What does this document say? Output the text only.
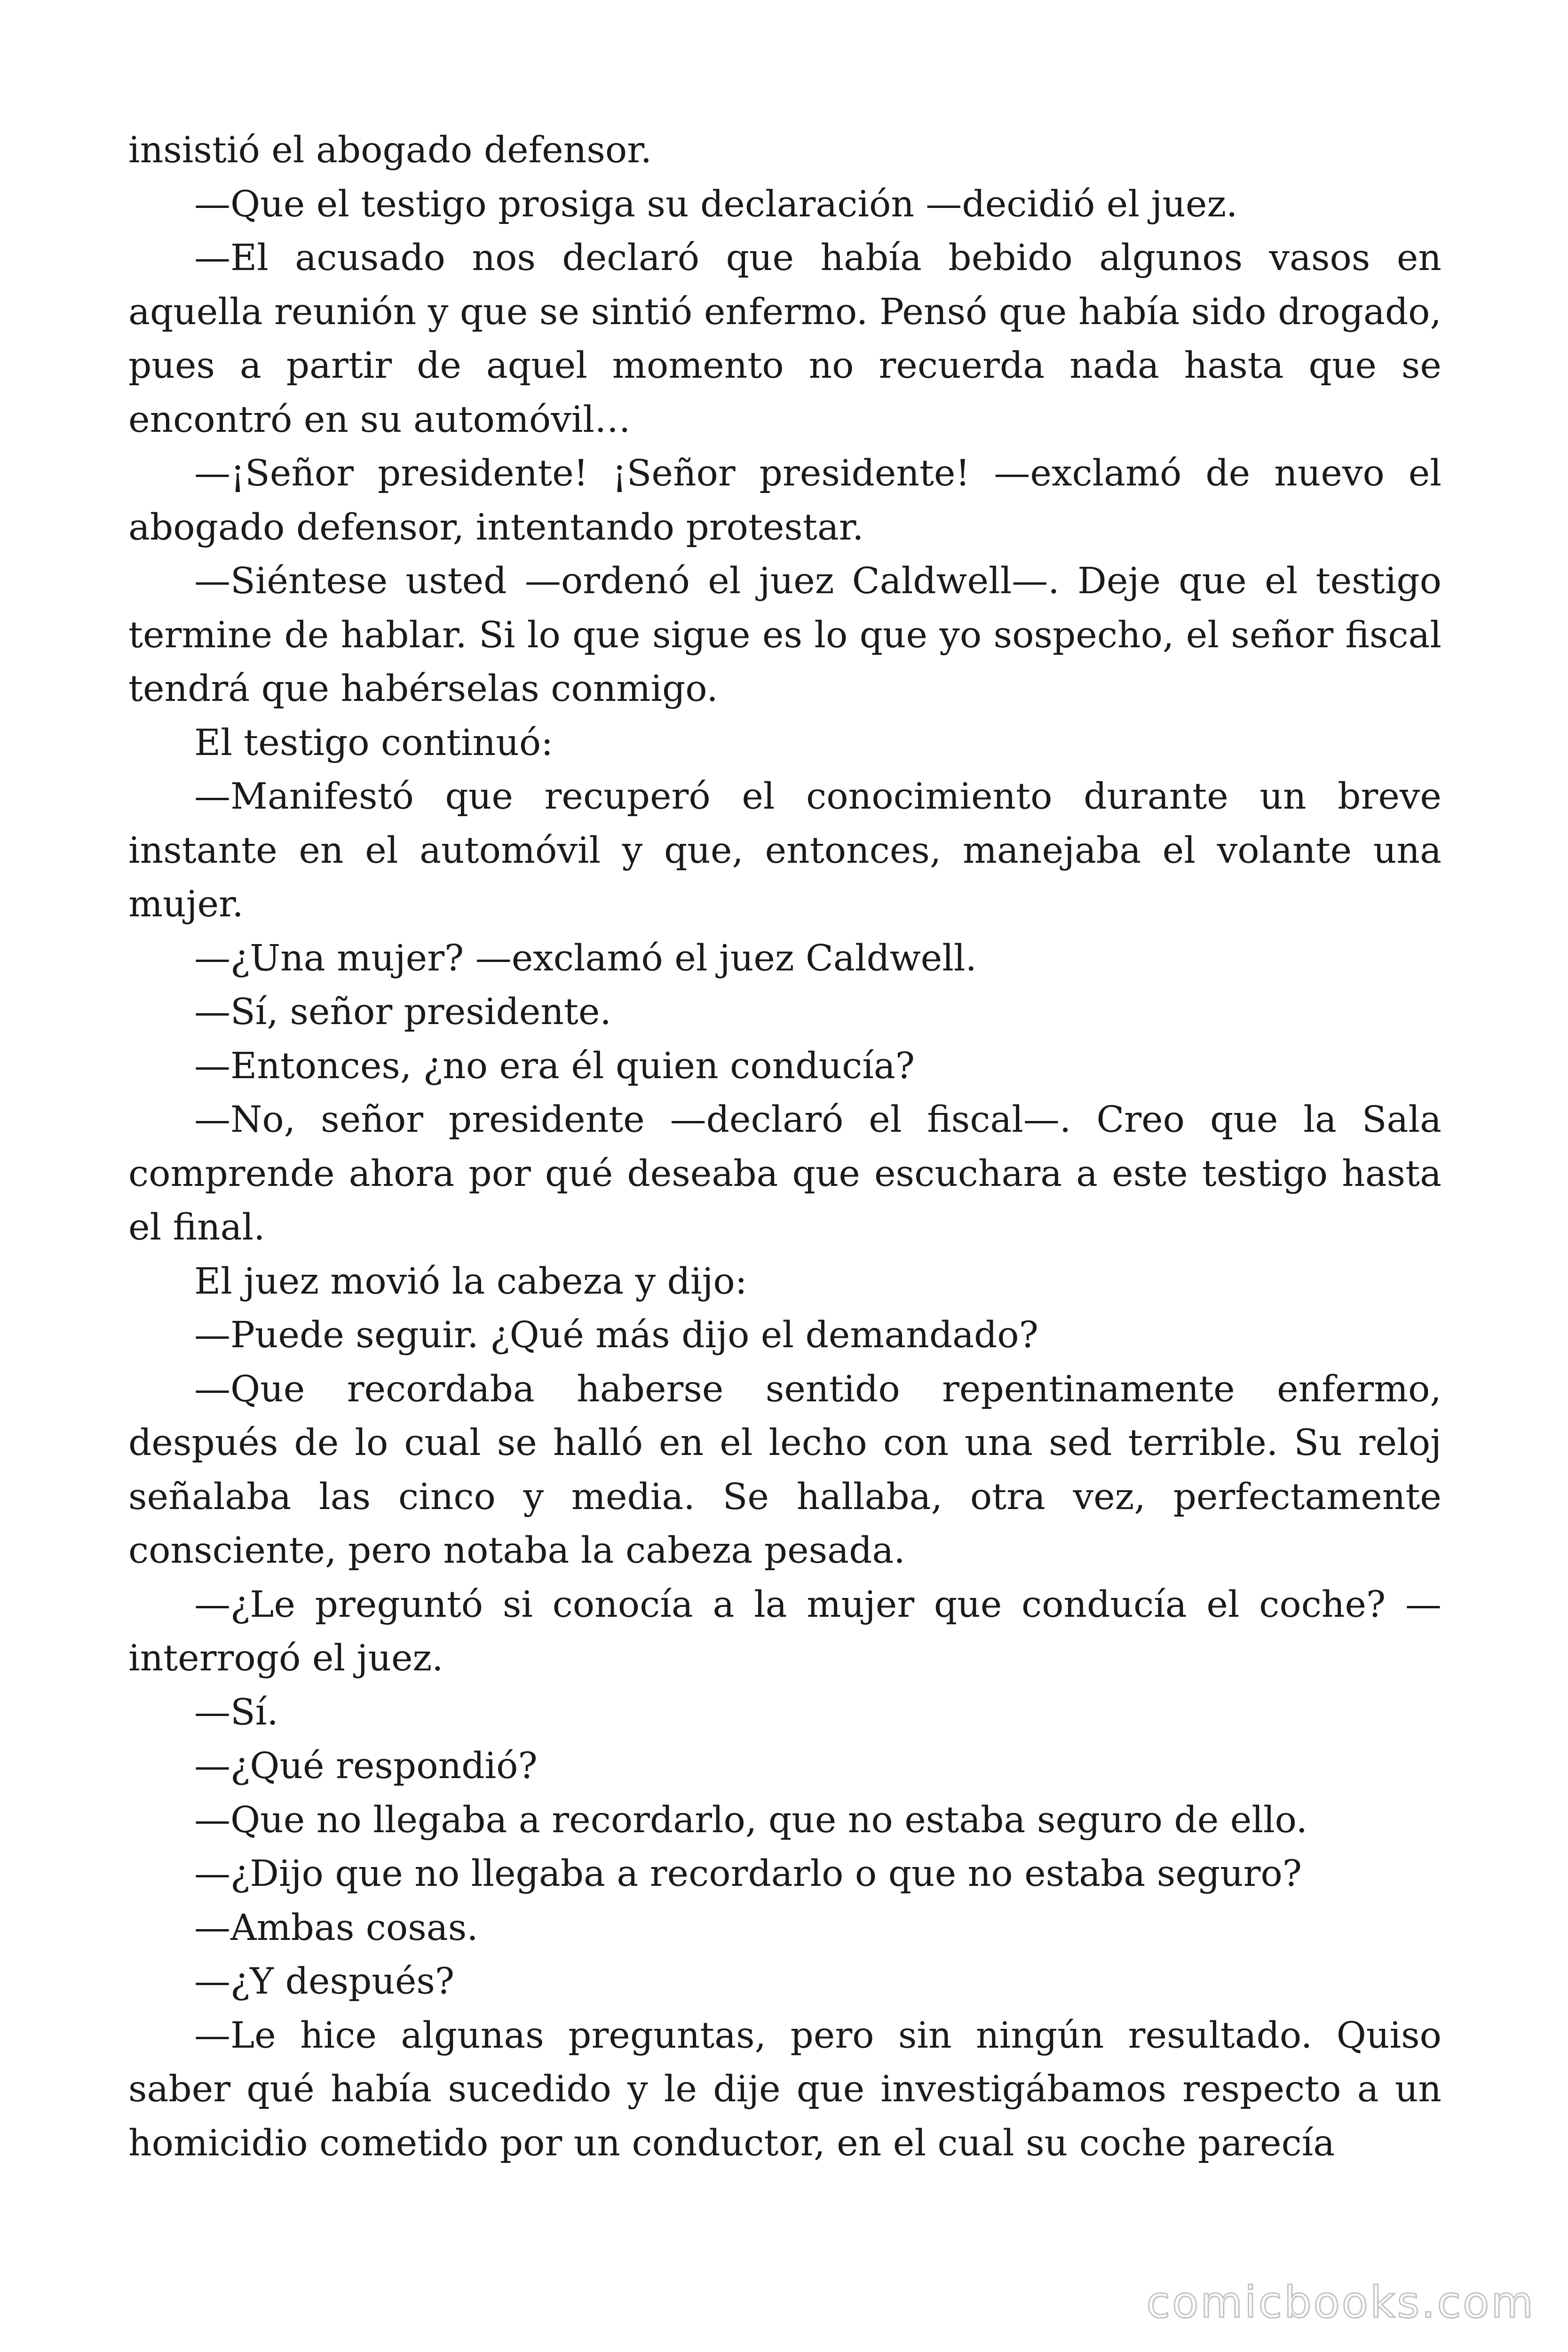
insistió el abogado defensor.

—Que el testigo prosiga su declaración —decidió el juez.

—El acusado nos declaró que había bebido algunos vasos en aquella reunión y que se sintió enfermo. Pensó que había sido drogado, pues a partir de aquel momento no recuerda nada hasta que se encontró en su automóvil…

—¡Señor presidente! ¡Señor presidente! —exclamó de nuevo el abogado defensor, intentando protestar.

—Siéntese usted —ordenó el juez Caldwell—. Deje que el testigo termine de hablar. Si lo que sigue es lo que yo sospecho, el señor fiscal tendrá que habérselas conmigo.

El testigo continuó:

—Manifestó que recuperó el conocimiento durante un breve instante en el automóvil y que, entonces, manejaba el volante una mujer.

—¿Una mujer? —exclamó el juez Caldwell.

—Sí, señor presidente.

—Entonces, ¿no era él quien conducía?

—No, señor presidente —declaró el fiscal—. Creo que la Sala comprende ahora por qué deseaba que escuchara a este testigo hasta el final.

El juez movió la cabeza y dijo:

—Puede seguir. ¿Qué más dijo el demandado?

—Que recordaba haberse sentido repentinamente enfermo, después de lo cual se halló en el lecho con una sed terrible. Su reloj señalaba las cinco y media. Se hallaba, otra vez, perfectamente consciente, pero notaba la cabeza pesada.

—¿Le preguntó si conocía a la mujer que conducía el coche? —interrogó el juez.

—Sí.

—¿Qué respondió?

—Que no llegaba a recordarlo, que no estaba seguro de ello.

—¿Dijo que no llegaba a recordarlo o que no estaba seguro?

—Ambas cosas.

—¿Y después?

—Le hice algunas preguntas, pero sin ningún resultado. Quiso saber qué había sucedido y le dije que investigábamos respecto a un homicidio cometido por un conductor, en el cual su coche parecía

comicbooks.com
